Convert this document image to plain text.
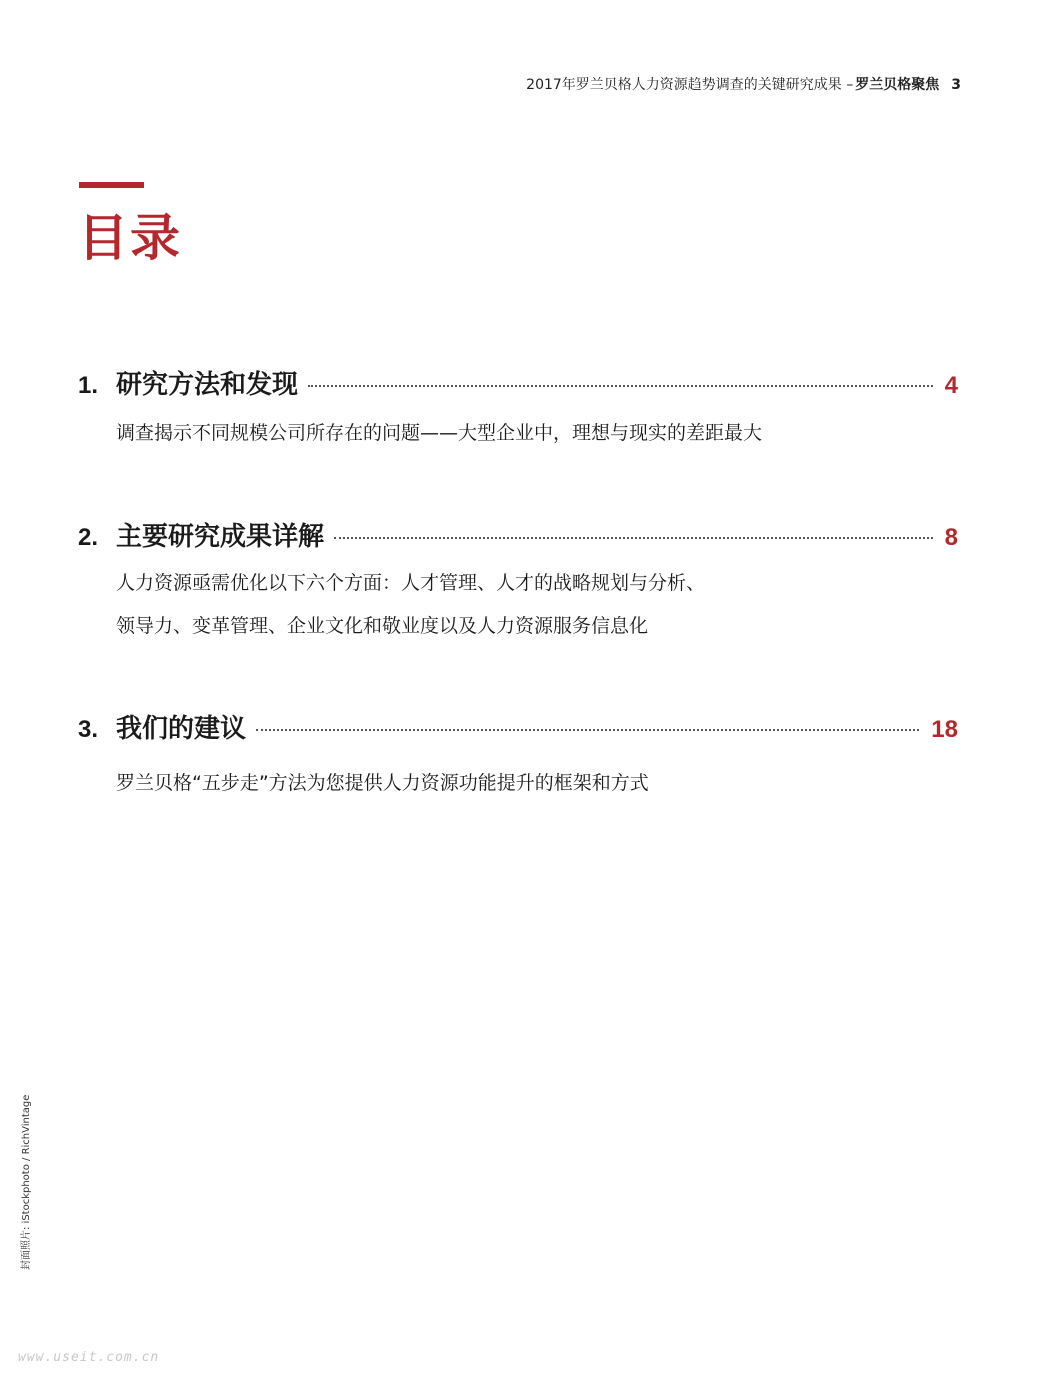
2017年罗兰贝格人力资源趋势调查的关键研究成果 – 罗兰贝格聚焦 3
目录
1. 研究方法和发现	4
调查揭示不同规模公司所存在的问题——大型企业中，理想与现实的差距最大
2. 主要研究成果详解	8
人力资源亟需优化以下六个方面：人才管理、人才的战略规划与分析、
领导力、变革管理、企业文化和敬业度以及人力资源服务信息化
3. 我们的建议	18
罗兰贝格“五步走”方法为您提供人力资源功能提升的框架和方式
封面照片: iStockphoto / RichVintage
www.useit.com.cn
